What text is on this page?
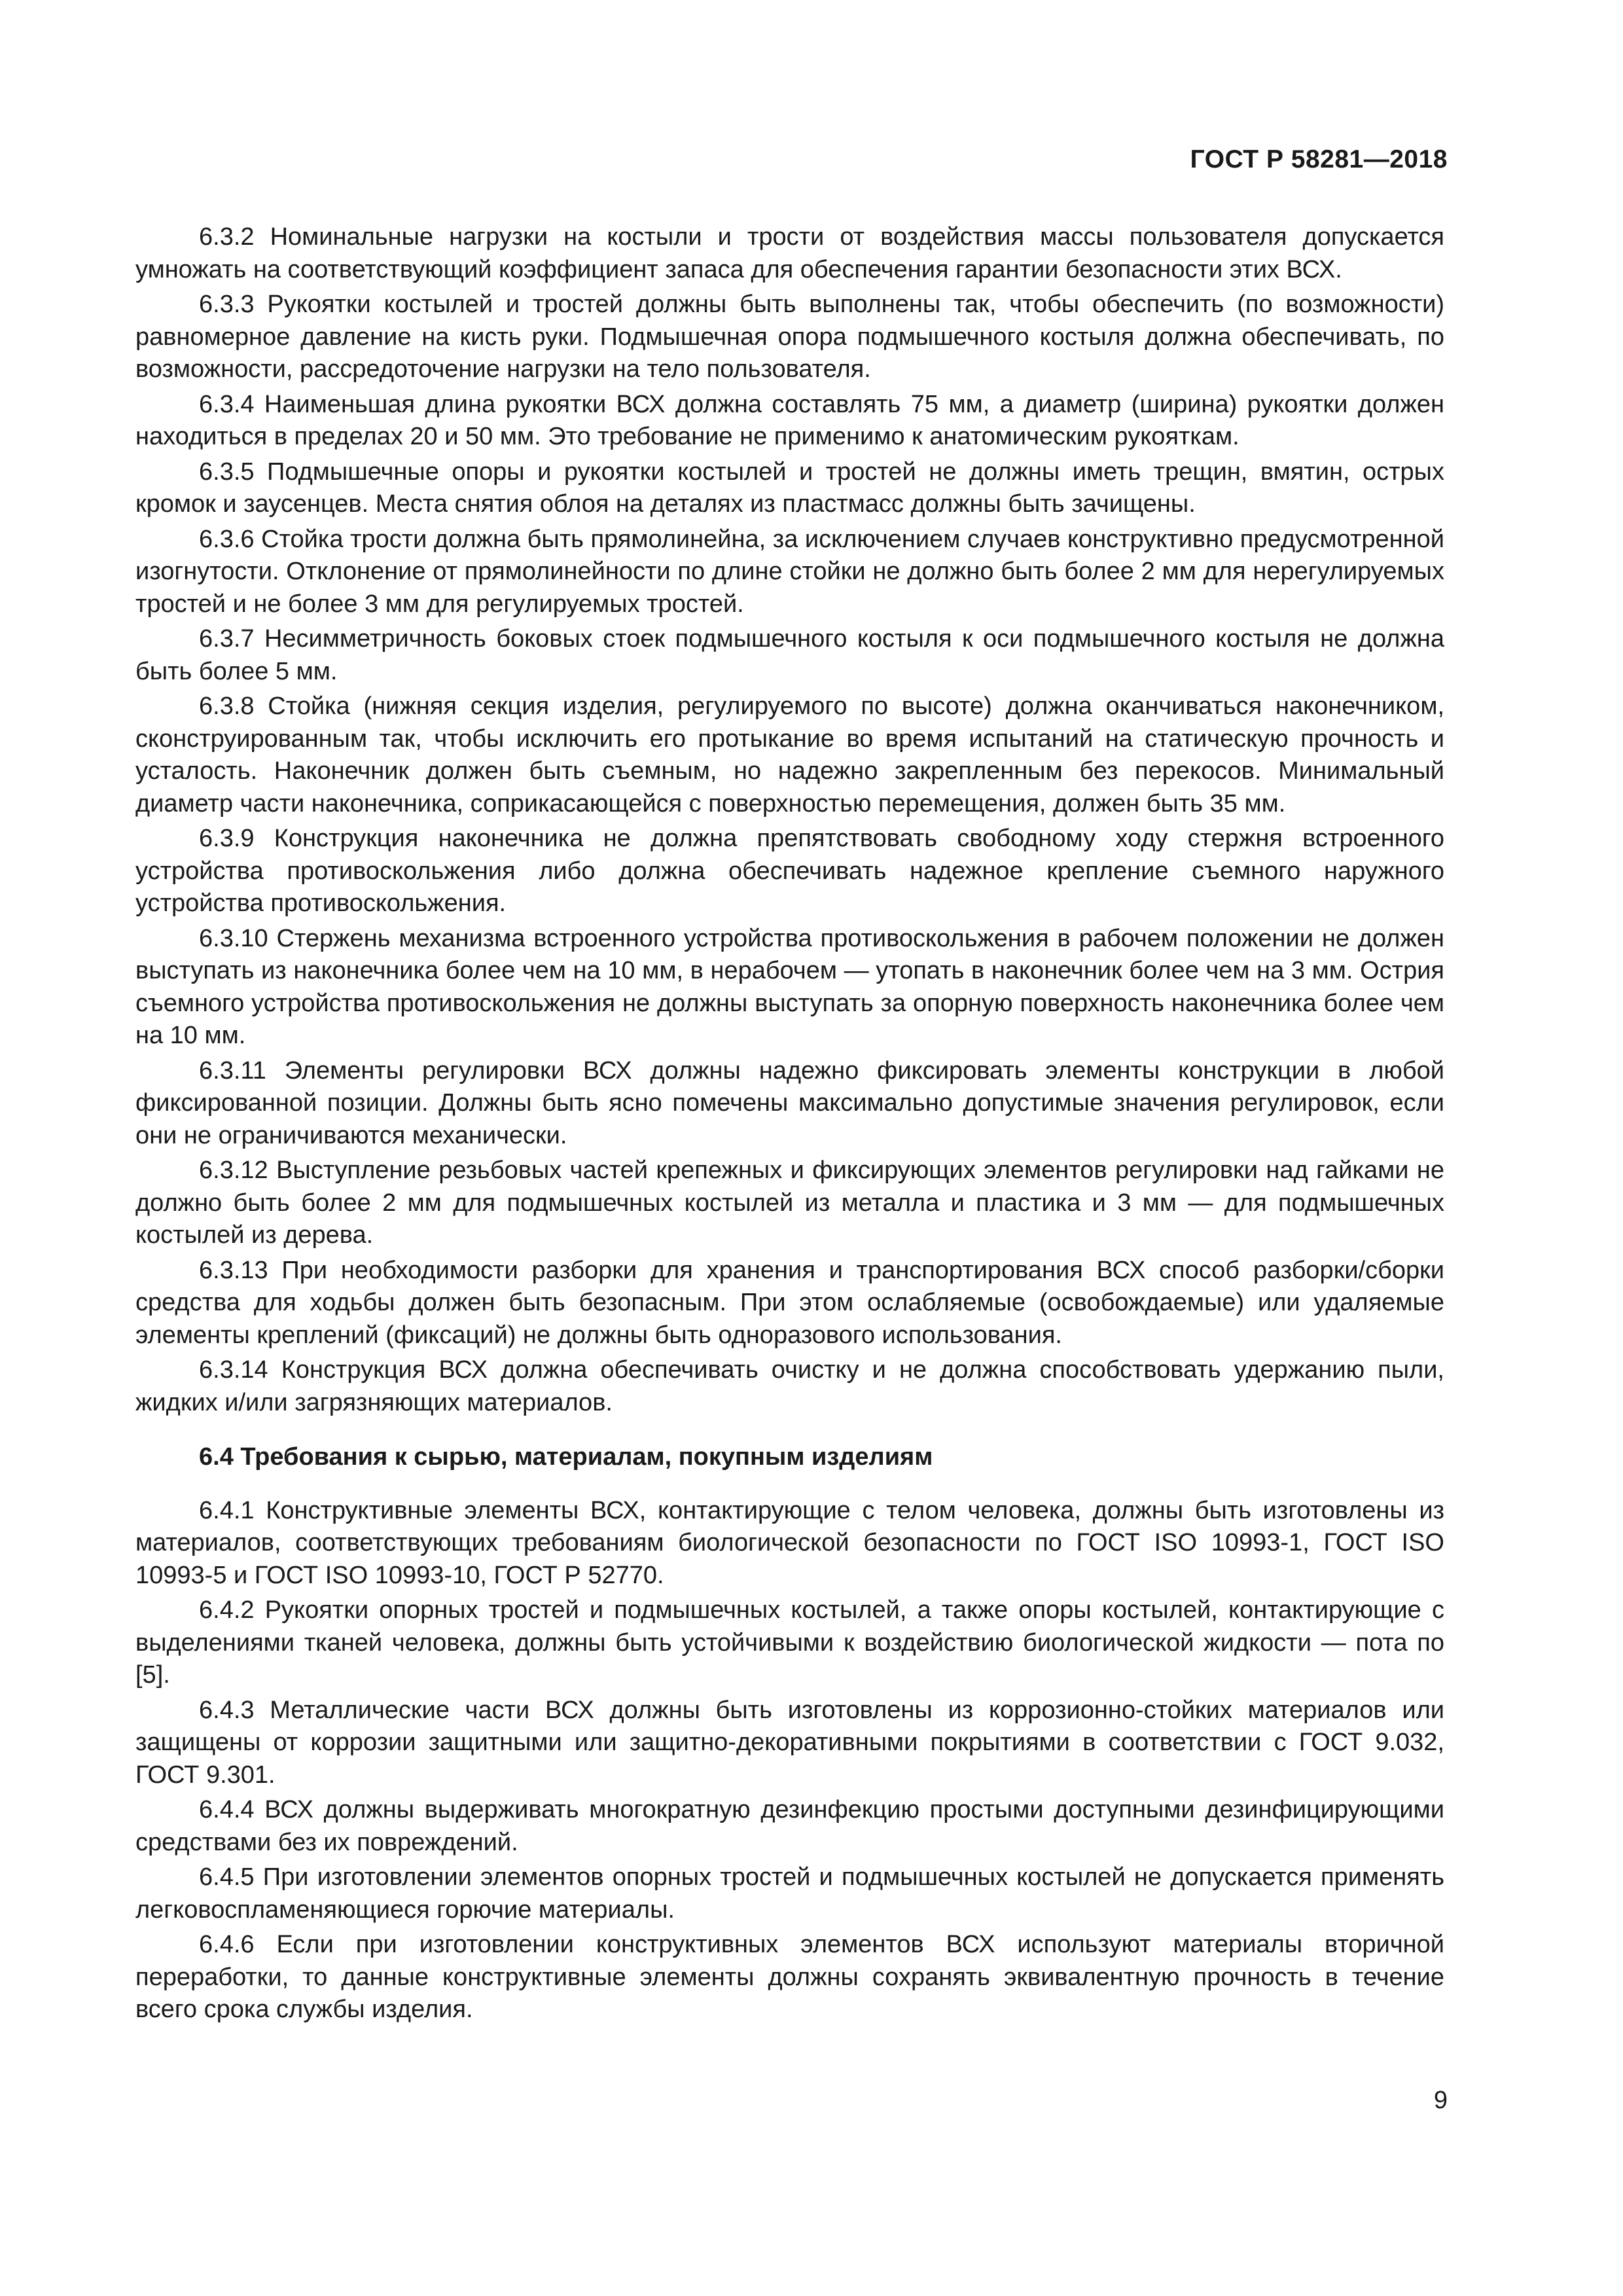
ГОСТ Р 58281—2018

6.3.2 Номинальные нагрузки на костыли и трости от воздействия массы пользователя допускается умножать на соответствующий коэффициент запаса для обеспечения гарантии безопасности этих ВСХ.

6.3.3 Рукоятки костылей и тростей должны быть выполнены так, чтобы обеспечить (по возможности) равномерное давление на кисть руки. Подмышечная опора подмышечного костыля должна обеспечивать, по возможности, рассредоточение нагрузки на тело пользователя.

6.3.4 Наименьшая длина рукоятки ВСХ должна составлять 75 мм, а диаметр (ширина) рукоятки должен находиться в пределах 20 и 50 мм. Это требование не применимо к анатомическим рукояткам.

6.3.5 Подмышечные опоры и рукоятки костылей и тростей не должны иметь трещин, вмятин, острых кромок и заусенцев. Места снятия облоя на деталях из пластмасс должны быть зачищены.

6.3.6 Стойка трости должна быть прямолинейна, за исключением случаев конструктивно предусмотренной изогнутости. Отклонение от прямолинейности по длине стойки не должно быть более 2 мм для нерегулируемых тростей и не более 3 мм для регулируемых тростей.

6.3.7 Несимметричность боковых стоек подмышечного костыля к оси подмышечного костыля не должна быть более 5 мм.

6.3.8 Стойка (нижняя секция изделия, регулируемого по высоте) должна оканчиваться наконечником, сконструированным так, чтобы исключить его протыкание во время испытаний на статическую прочность и усталость. Наконечник должен быть съемным, но надежно закрепленным без перекосов. Минимальный диаметр части наконечника, соприкасающейся с поверхностью перемещения, должен быть 35 мм.

6.3.9 Конструкция наконечника не должна препятствовать свободному ходу стержня встроенного устройства противоскольжения либо должна обеспечивать надежное крепление съемного наружного устройства противоскольжения.

6.3.10 Стержень механизма встроенного устройства противоскольжения в рабочем положении не должен выступать из наконечника более чем на 10 мм, в нерабочем — утопать в наконечник более чем на 3 мм. Острия съемного устройства противоскольжения не должны выступать за опорную поверхность наконечника более чем на 10 мм.

6.3.11 Элементы регулировки ВСХ должны надежно фиксировать элементы конструкции в любой фиксированной позиции. Должны быть ясно помечены максимально допустимые значения регулировок, если они не ограничиваются механически.

6.3.12 Выступление резьбовых частей крепежных и фиксирующих элементов регулировки над гайками не должно быть более 2 мм для подмышечных костылей из металла и пластика и 3 мм — для подмышечных костылей из дерева.

6.3.13 При необходимости разборки для хранения и транспортирования ВСХ способ разборки/сборки средства для ходьбы должен быть безопасным. При этом ослабляемые (освобождаемые) или удаляемые элементы креплений (фиксаций) не должны быть одноразового использования.

6.3.14 Конструкция ВСХ должна обеспечивать очистку и не должна способствовать удержанию пыли, жидких и/или загрязняющих материалов.

6.4 Требования к сырью, материалам, покупным изделиям

6.4.1 Конструктивные элементы ВСХ, контактирующие с телом человека, должны быть изготовлены из материалов, соответствующих требованиям биологической безопасности по ГОСТ ISO 10993-1, ГОСТ ISO 10993-5 и ГОСТ ISO 10993-10, ГОСТ Р 52770.

6.4.2 Рукоятки опорных тростей и подмышечных костылей, а также опоры костылей, контактирующие с выделениями тканей человека, должны быть устойчивыми к воздействию биологической жидкости — пота по [5].

6.4.3 Металлические части ВСХ должны быть изготовлены из коррозионно-стойких материалов или защищены от коррозии защитными или защитно-декоративными покрытиями в соответствии с ГОСТ 9.032, ГОСТ 9.301.

6.4.4 ВСХ должны выдерживать многократную дезинфекцию простыми доступными дезинфицирующими средствами без их повреждений.

6.4.5 При изготовлении элементов опорных тростей и подмышечных костылей не допускается применять легковоспламеняющиеся горючие материалы.

6.4.6 Если при изготовлении конструктивных элементов ВСХ используют материалы вторичной переработки, то данные конструктивные элементы должны сохранять эквивалентную прочность в течение всего срока службы изделия.

9
